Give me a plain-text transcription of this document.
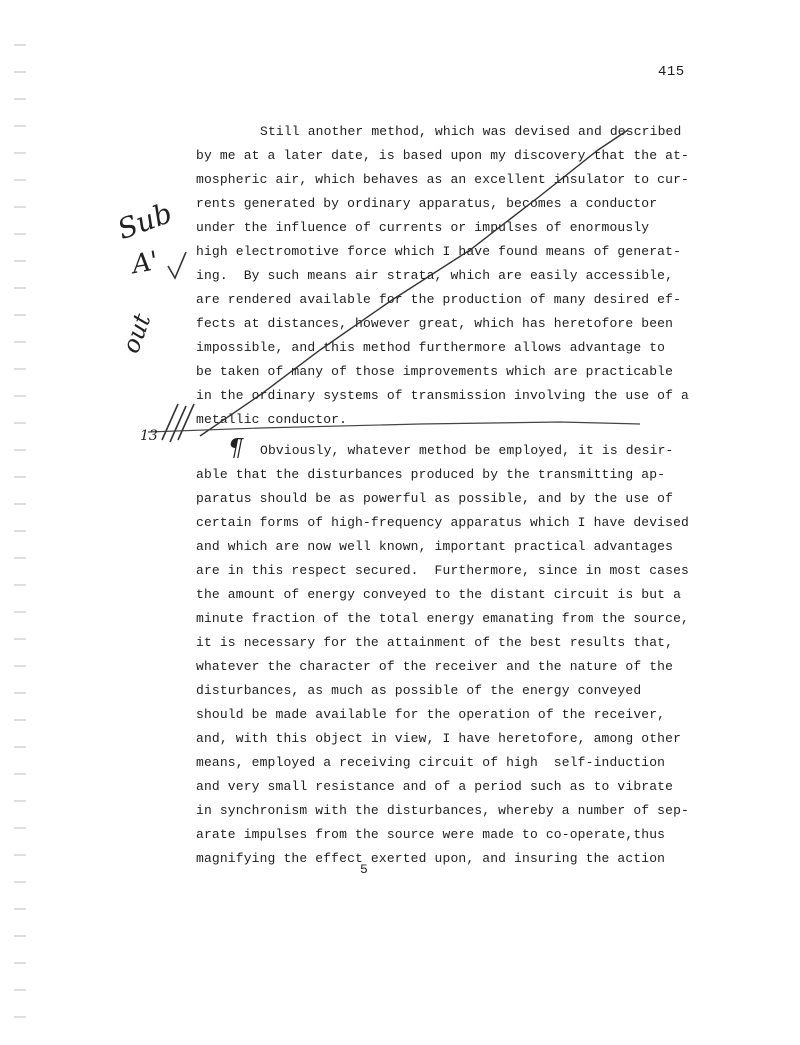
415
Still another method, which was devised and described
by me at a later date, is based upon my discovery that the at-
mospheric air, which behaves as an excellent insulator to cur-
rents generated by ordinary apparatus, becomes a conductor
under the influence of currents or impulses of enormously
high electromotive force which I have found means of generat-
ing.  By such means air strata, which are easily accessible,
are rendered available for the production of many desired ef-
fects at distances, however great, which has heretofore been
impossible, and this method furthermore allows advantage to
be taken of many of those improvements which are practicable
in the ordinary systems of transmission involving the use of a
metallic conductor.
Obviously, whatever method be employed, it is desir-
able that the disturbances produced by the transmitting ap-
paratus should be as powerful as possible, and by the use of
certain forms of high-frequency apparatus which I have devised
and which are now well known, important practical advantages
are in this respect secured.  Furthermore, since in most cases
the amount of energy conveyed to the distant circuit is but a
minute fraction of the total energy emanating from the source,
it is necessary for the attainment of the best results that,
whatever the character of the receiver and the nature of the
disturbances, as much as possible of the energy conveyed
should be made available for the operation of the receiver,
and, with this object in view, I have heretofore, among other
means, employed a receiving circuit of high  self-induction
and very small resistance and of a period such as to vibrate
in synchronism with the disturbances, whereby a number of sep-
arate impulses from the source were made to co-operate,thus
magnifying the effect exerted upon, and insuring the action
5
Sub
A'
out
13	¶
